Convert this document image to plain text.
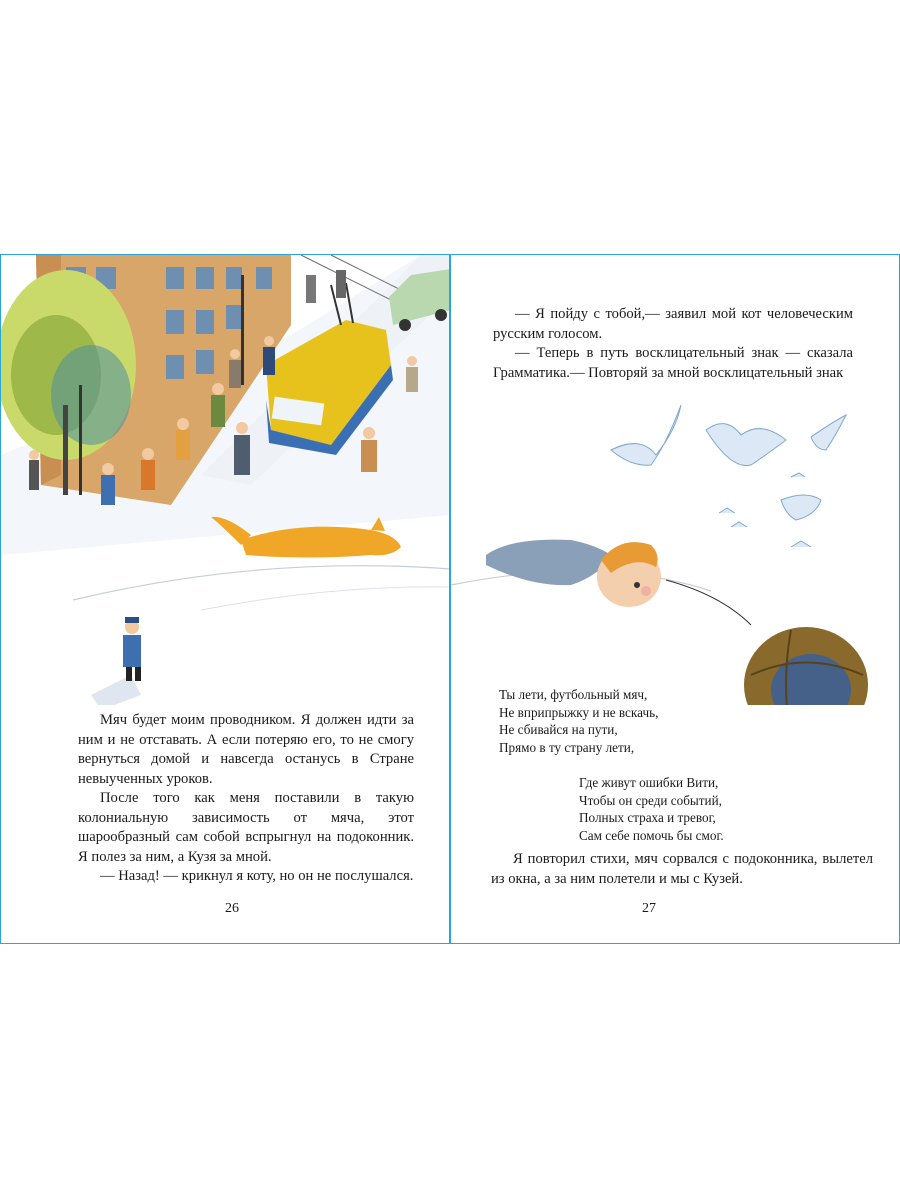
Мяч будет моим проводником. Я должен идти за ним и не отставать. А если потеряю его, то не смогу вернуться домой и навсегда останусь в Стране невыученных уроков.

После того как меня поставили в такую колониальную зависимость от мяча, этот шарообразный сам собой вспрыгнул на подоконник. Я полез за ним, а Кузя за мной.

— Назад! — крикнул я коту, но он не послушался.

26

— Я пойду с тобой,— заявил мой кот человеческим русским голосом.

— Теперь в путь восклицательный знак — сказала Грамматика.— Повторяй за мной восклицательный знак

Ты лети, футбольный мяч,
Не вприпрыжку и не вскачь,
Не сбивайся на пути,
Прямо в ту страну лети,
Где живут ошибки Вити,
Чтобы он среди событий,
Полных страха и тревог,
Сам себе помочь бы смог.

Я повторил стихи, мяч сорвался с подоконника, вылетел из окна, а за ним полетели и мы с Кузей.

27
